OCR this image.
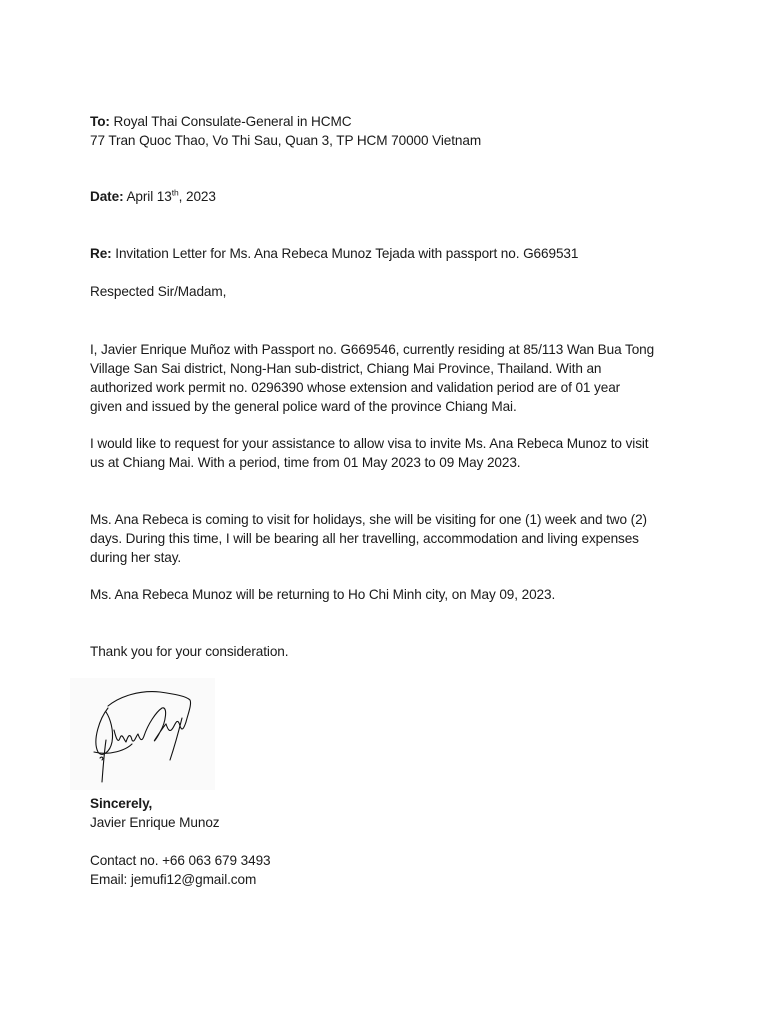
To: Royal Thai Consulate-General in HCMC
77 Tran Quoc Thao, Vo Thi Sau, Quan 3, TP HCM 70000 Vietnam
Date: April 13th, 2023
Re: Invitation Letter for Ms. Ana Rebeca Munoz Tejada with passport no. G669531
Respected Sir/Madam,
I, Javier Enrique Muñoz with Passport no. G669546, currently residing at 85/113 Wan Bua Tong
Village San Sai district, Nong-Han sub-district, Chiang Mai Province, Thailand. With an
authorized work permit no. 0296390 whose extension and validation period are of 01 year
given and issued by the general police ward of the province Chiang Mai.
I would like to request for your assistance to allow visa to invite Ms. Ana Rebeca Munoz to visit
us at Chiang Mai. With a period, time from 01 May 2023 to 09 May 2023.
Ms. Ana Rebeca is coming to visit for holidays, she will be visiting for one (1) week and two (2)
days. During this time, I will be bearing all her travelling, accommodation and living expenses
during her stay.
Ms. Ana Rebeca Munoz will be returning to Ho Chi Minh city, on May 09, 2023.
Thank you for your consideration.
Sincerely,
Javier Enrique Munoz
Contact no. +66 063 679 3493
Email: jemufi12@gmail.com
